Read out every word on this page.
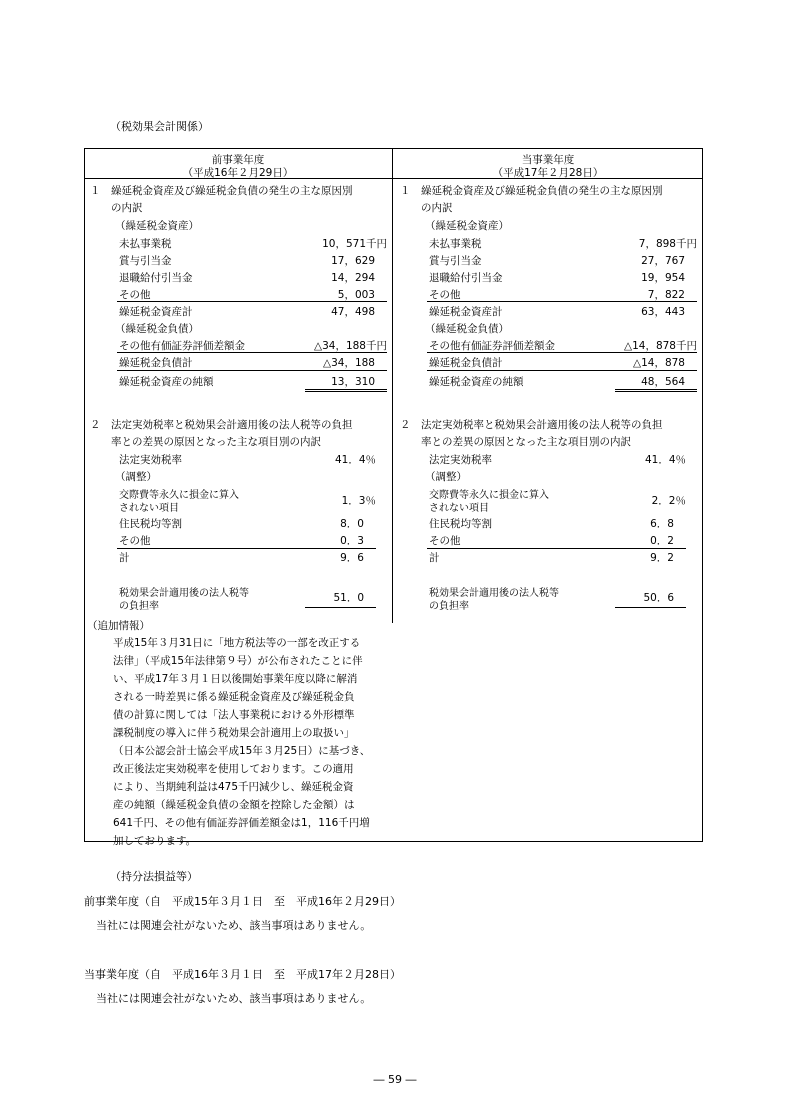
（税効果会計関係）
前事業年度
（平成16年２月29日）
当事業年度
（平成17年２月28日）
１ 繰延税金資産及び繰延税金負債の発生の主な原因別
の内訳
（繰延税金資産）
未払事業税	10，571千円
賞与引当金	17，629
退職給付引当金	14，294
その他	5，003
繰延税金資産計	47，498
（繰延税金負債）
その他有価証券評価差額金	△34，188千円
繰延税金負債計	△34，188
繰延税金資産の純額	13，310
１ 繰延税金資産及び繰延税金負債の発生の主な原因別
の内訳
（繰延税金資産）
未払事業税	7，898千円
賞与引当金	27，767
退職給付引当金	19，954
その他	7，822
繰延税金資産計	63，443
（繰延税金負債）
その他有価証券評価差額金	△14，878千円
繰延税金負債計	△14，878
繰延税金資産の純額	48，564
２ 法定実効税率と税効果会計適用後の法人税等の負担
率との差異の原因となった主な項目別の内訳
法定実効税率	41．4％
（調整）
交際費等永久に損金に算入
されない項目
1．3％
住民税均等割	8．0
その他	0．3
計	9．6
税効果会計適用後の法人税等
の負担率
51．0
２ 法定実効税率と税効果会計適用後の法人税等の負担
率との差異の原因となった主な項目別の内訳
法定実効税率	41．4％
（調整）
交際費等永久に損金に算入
されない項目
2．2％
住民税均等割	6．8
その他	0．2
計	9．2
税効果会計適用後の法人税等
の負担率
50．6
（追加情報）
平成15年３月31日に「地方税法等の一部を改正する
法律」（平成15年法律第９号）が公布されたことに伴
い、平成17年３月１日以後開始事業年度以降に解消
される一時差異に係る繰延税金資産及び繰延税金負
債の計算に関しては「法人事業税における外形標準
課税制度の導入に伴う税効果会計適用上の取扱い」
（日本公認会計士協会平成15年３月25日）に基づき、
改正後法定実効税率を使用しております。この適用
により、当期純利益は475千円減少し、繰延税金資
産の純額（繰延税金負債の金額を控除した金額）は
641千円、その他有価証券評価差額金は1，116千円増
加しております。
（持分法損益等）
前事業年度（自　平成15年３月１日　至　平成16年２月29日）
当社には関連会社がないため、該当事項はありません。
当事業年度（自　平成16年３月１日　至　平成17年２月28日）
当社には関連会社がないため、該当事項はありません。
― 59 ―
